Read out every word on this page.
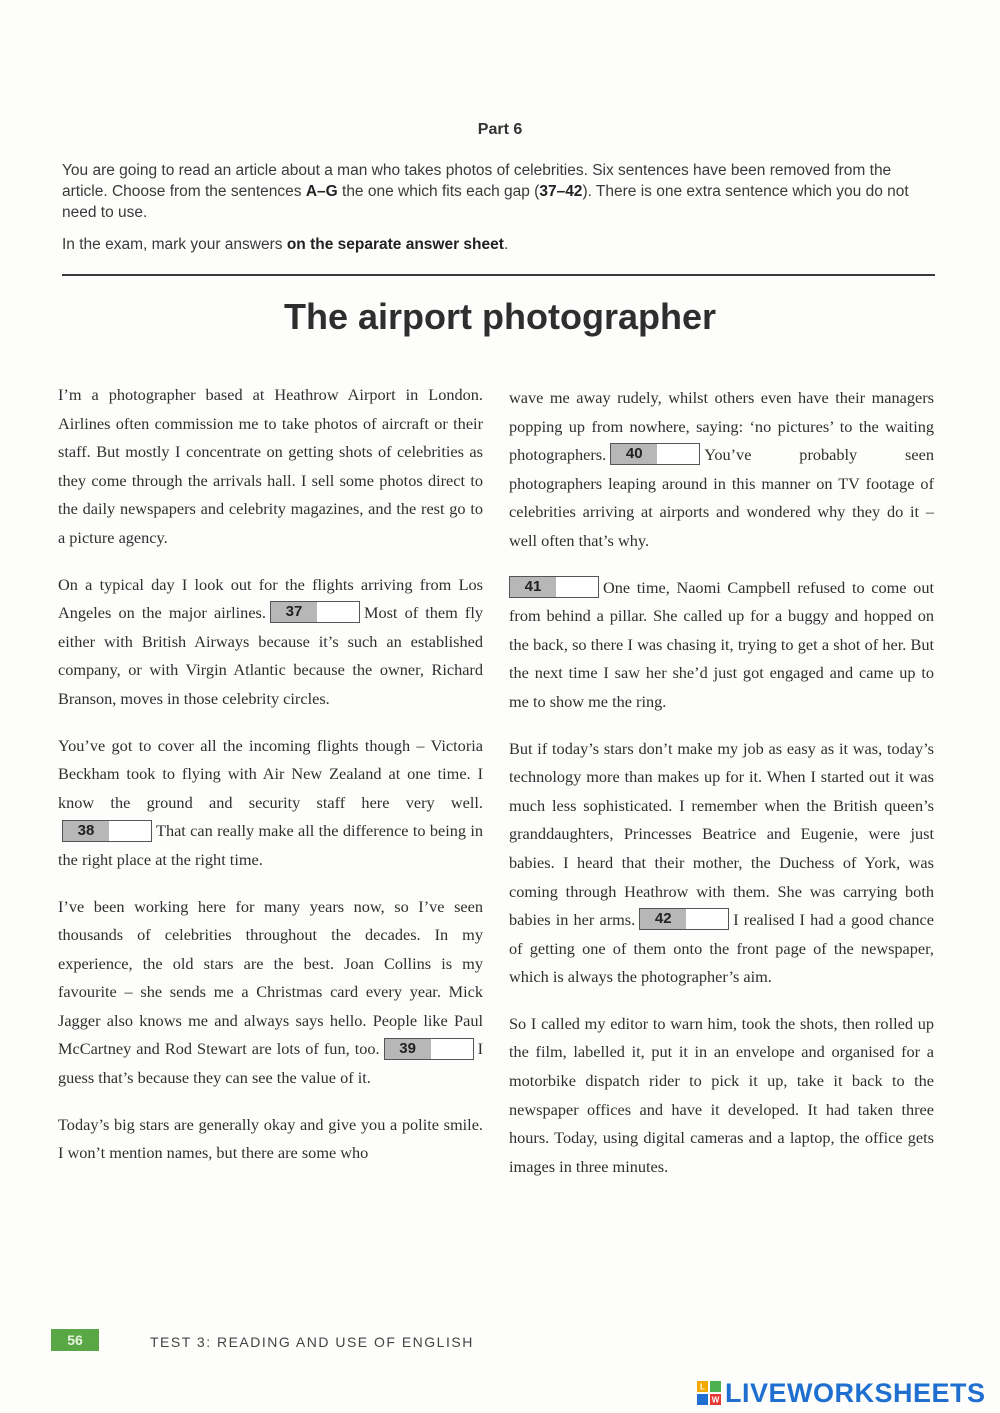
Part 6

You are going to read an article about a man who takes photos of celebrities. Six sentences have been removed from the article. Choose from the sentences A–G the one which fits each gap (37–42). There is one extra sentence which you do not need to use.

In the exam, mark your answers on the separate answer sheet.

The airport photographer

I’m a photographer based at Heathrow Airport in London. Airlines often commission me to take photos of aircraft or their staff. But mostly I concentrate on getting shots of celebrities as they come through the arrivals hall. I sell some photos direct to the daily newspapers and celebrity magazines, and the rest go to a picture agency.

On a typical day I look out for the flights arriving from Los Angeles on the major airlines. 37	Most of them fly either with British Airways because it’s such an established company, or with Virgin Atlantic because the owner, Richard Branson, moves in those celebrity circles.

You’ve got to cover all the incoming flights though – Victoria Beckham took to flying with Air New Zealand at one time. I know the ground and security staff here very well.38	That can really make all the difference to being in the right place at the right time.

I’ve been working here for many years now, so I’ve seen thousands of celebrities throughout the decades. In my experience, the old stars are the best. Joan Collins is my favourite – she sends me a Christmas card every year. Mick Jagger also knows me and always says hello. People like Paul McCartney and Rod Stewart are lots of fun, too. 39	I guess that’s because they can see the value of it.

Today’s big stars are generally okay and give you a polite smile. I won’t mention names, but there are some who

wave me away rudely, whilst others even have their managers popping up from nowhere, saying: ‘no pictures’ to the waiting photographers. 40	You’ve probably seen photographers leaping around in this manner on TV footage of celebrities arriving at airports and wondered why they do it – well often that’s why.

41	One time, Naomi Campbell refused to come out from behind a pillar. She called up for a buggy and hopped on the back, so there I was chasing it, trying to get a shot of her. But the next time I saw her she’d just got engaged and came up to me to show me the ring.

But if today’s stars don’t make my job as easy as it was, today’s technology more than makes up for it. When I started out it was much less sophisticated. I remember when the British queen’s granddaughters, Princesses Beatrice and Eugenie, were just babies. I heard that their mother, the Duchess of York, was coming through Heathrow with them. She was carrying both babies in her arms. 42	I realised I had a good chance of getting one of them onto the front page of the newspaper, which is always the photographer’s aim.

So I called my editor to warn him, took the shots, then rolled up the film, labelled it, put it in an envelope and organised for a motorbike dispatch rider to pick it up, take it back to the newspaper offices and have it developed. It had taken three hours. Today, using digital cameras and a laptop, the office gets images in three minutes.

56	TEST 3: READING AND USE OF ENGLISH
L
W LIVEWORKSHEETS
